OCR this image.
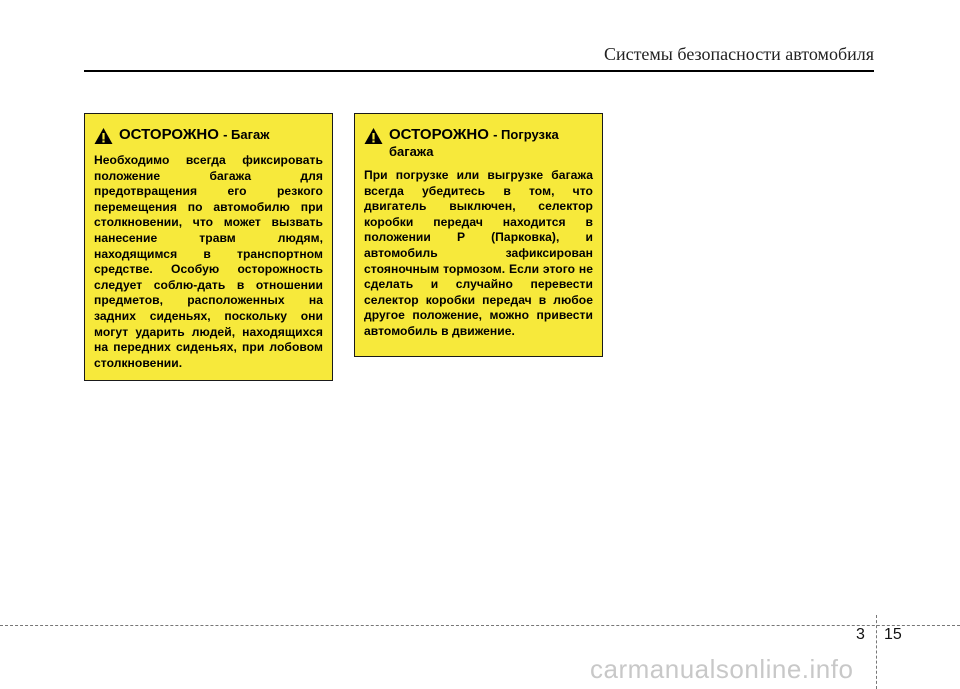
Системы безопасности автомобиля
ОСТОРОЖНО - Багаж
Необходимо всегда фиксировать положение багажа для предотвращения его резкого перемещения по автомобилю при столкновении, что может вызвать нанесение травм людям, находящимся в транспортном средстве. Особую осторожность следует соблю-дать в отношении предметов, расположенных на задних сиденьях, поскольку они могут ударить людей, находящихся на передних сиденьях, при лобовом столкновении.
ОСТОРОЖНО - Погрузка багажа
При погрузке или выгрузке багажа всегда убедитесь в том, что двигатель выключен, селектор коробки передач находится в положении P (Парковка), и автомобиль зафиксирован стояночным тормозом. Если этого не сделать и случайно перевести селектор коробки передач в любое другое положение, можно привести автомобиль в движение.
3 15
carmanualsonline.info
